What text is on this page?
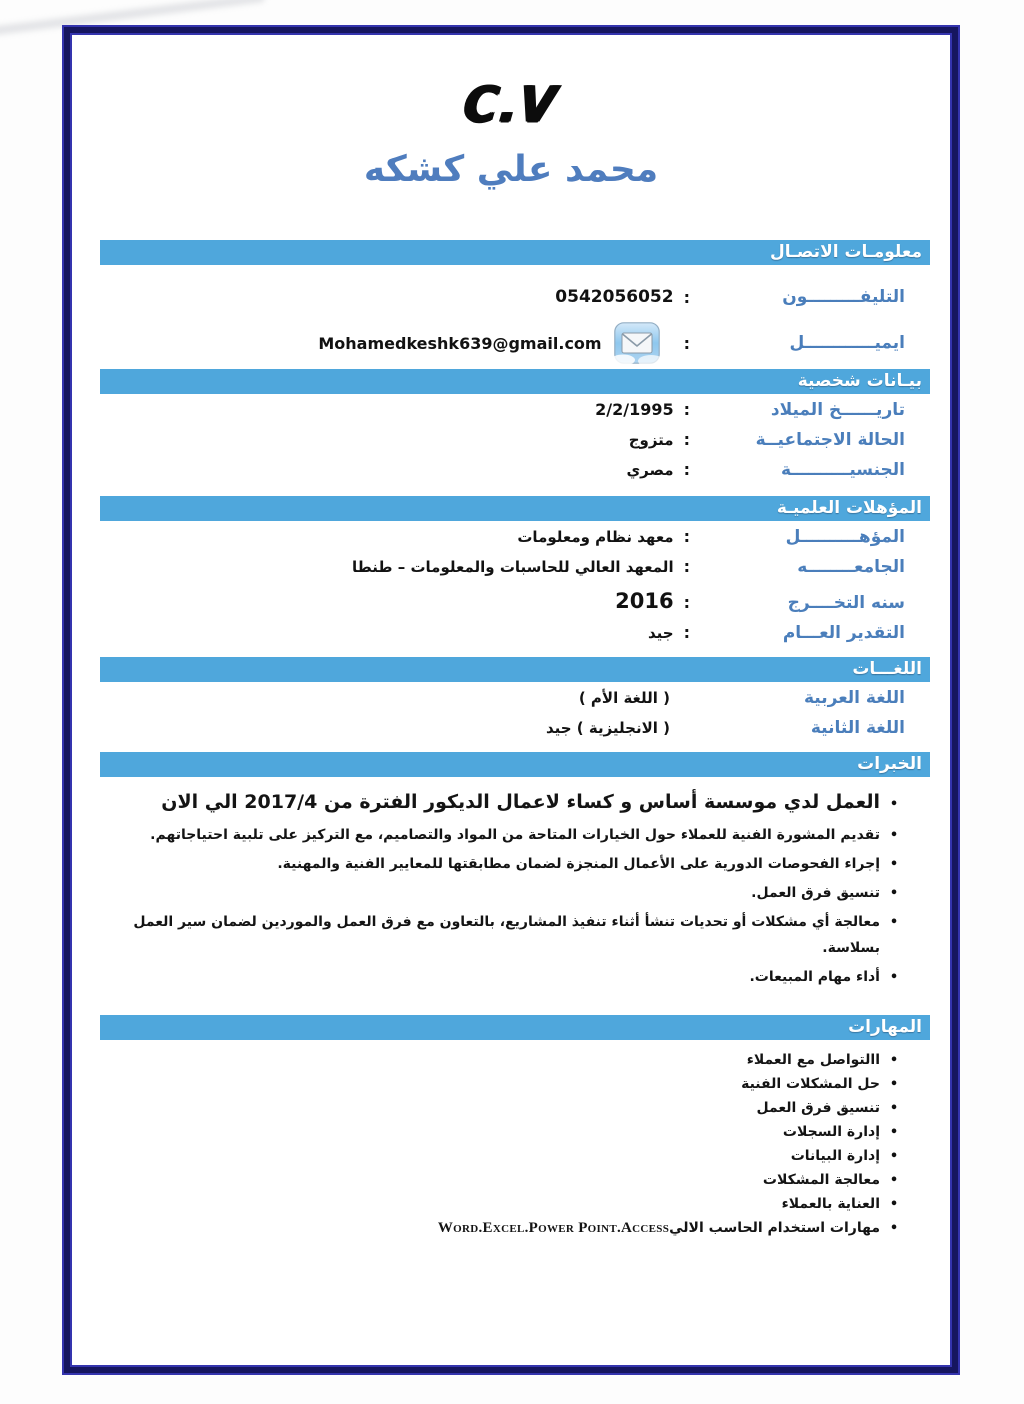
C.V
محمد علي كشكه
معلومـات الاتصـال
التليفـــــــــون
:
0542056052
ايميــــــــــــل
:
Mohamedkeshk639@gmail.com
بيـانات شخصية
تاريــــــخ الميلاد
:
2/2/1995
الحالة الاجتماعيــة
:
متزوج
الجنسيــــــــــة
:
مصري
المؤهلات العلميـة
المؤهــــــــــل
:
معهد نظام ومعلومات
الجامعــــــــه
:
المعهد العالي للحاسبات والمعلومات – طنطا
سنه التخــــرج
:
2016
التقدير العـــام
:
جيد
اللغـــات
اللغة العربية
( اللغة الأم )
اللغة الثانية
( الانجليزية ) جيد
الخبرات
•
العمل لدي موسسة أساس و كساء لاعمال الديكور الفترة من 2017/4 الي الان
•
تقديم المشورة الفنية للعملاء حول الخيارات المتاحة من المواد والتصاميم، مع التركيز على تلبية احتياجاتهم.
•
إجراء الفحوصات الدورية على الأعمال المنجزة لضمان مطابقتها للمعايير الفنية والمهنية.
•
تنسيق فرق العمل.
•
معالجة أي مشكلات أو تحديات تنشأ أثناء تنفيذ المشاريع، بالتعاون مع فرق العمل والموردين لضمان سير العمل بسلاسة.
•
أداء مهام المبيعات.
المهارات
•
االتواصل مع العملاء
•
حل المشكلات الفنية
•
تنسيق فرق العمل
•
إدارة السجلات
•
إدارة البيانات
•
معالجة المشكلات
•
العناية بالعملاء
•
مهارات استخدام الحاسب الاليWord.Excel.Power Point.Access
